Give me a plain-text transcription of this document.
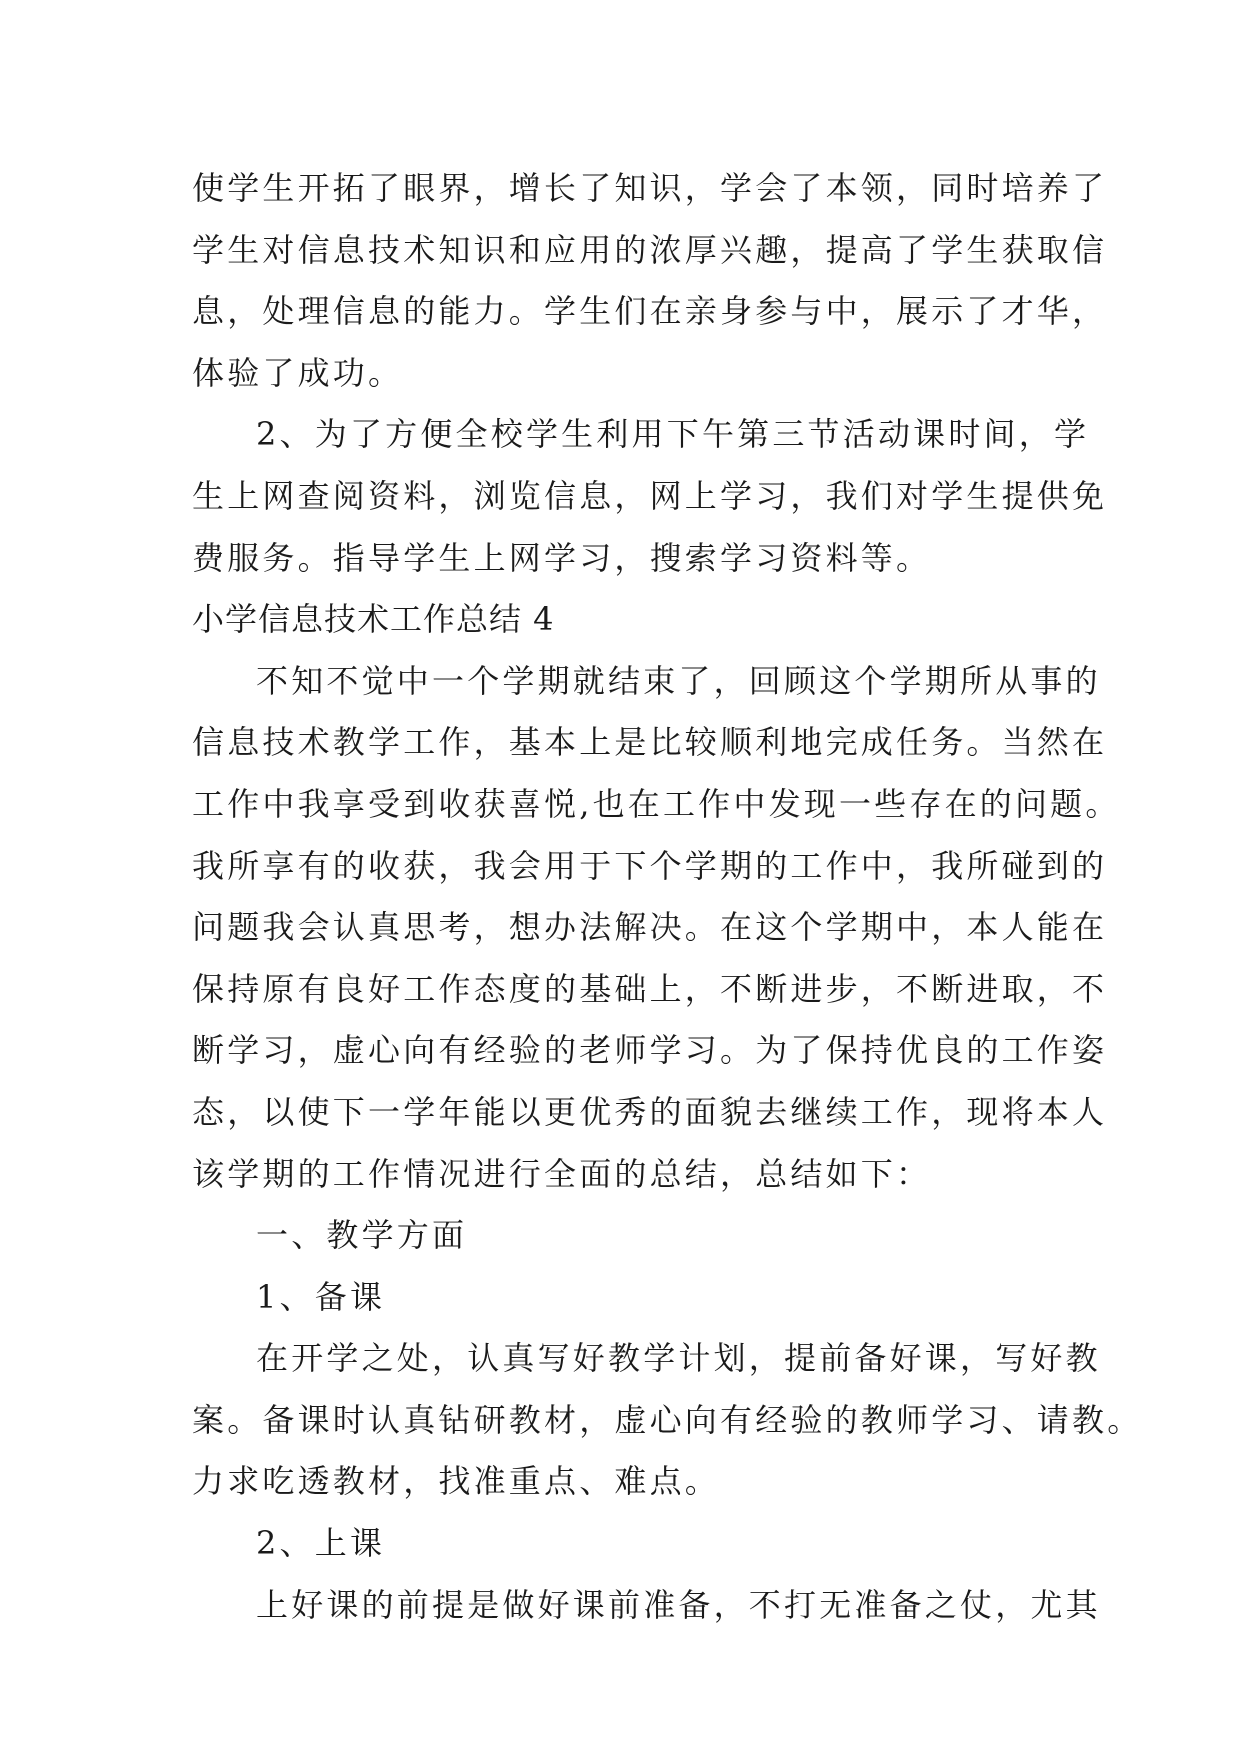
使学生开拓了眼界，增长了知识，学会了本领，同时培养了
学生对信息技术知识和应用的浓厚兴趣，提高了学生获取信
息，处理信息的能力。学生们在亲身参与中，展示了才华，
体验了成功。
2、为了方便全校学生利用下午第三节活动课时间，学
生上网查阅资料，浏览信息，网上学习，我们对学生提供免
费服务。指导学生上网学习，搜索学习资料等。
小学信息技术工作总结 4
不知不觉中一个学期就结束了，回顾这个学期所从事的
信息技术教学工作，基本上是比较顺利地完成任务。当然在
工作中我享受到收获喜悦,也在工作中发现一些存在的问题。
我所享有的收获，我会用于下个学期的工作中，我所碰到的
问题我会认真思考，想办法解决。在这个学期中，本人能在
保持原有良好工作态度的基础上，不断进步，不断进取，不
断学习，虚心向有经验的老师学习。为了保持优良的工作姿
态，以使下一学年能以更优秀的面貌去继续工作，现将本人
该学期的工作情况进行全面的总结，总结如下：
一、教学方面
1、备课
在开学之处，认真写好教学计划，提前备好课，写好教
案。备课时认真钻研教材，虚心向有经验的教师学习、请教。
力求吃透教材，找准重点、难点。
2、上课
上好课的前提是做好课前准备，不打无准备之仗，尤其
